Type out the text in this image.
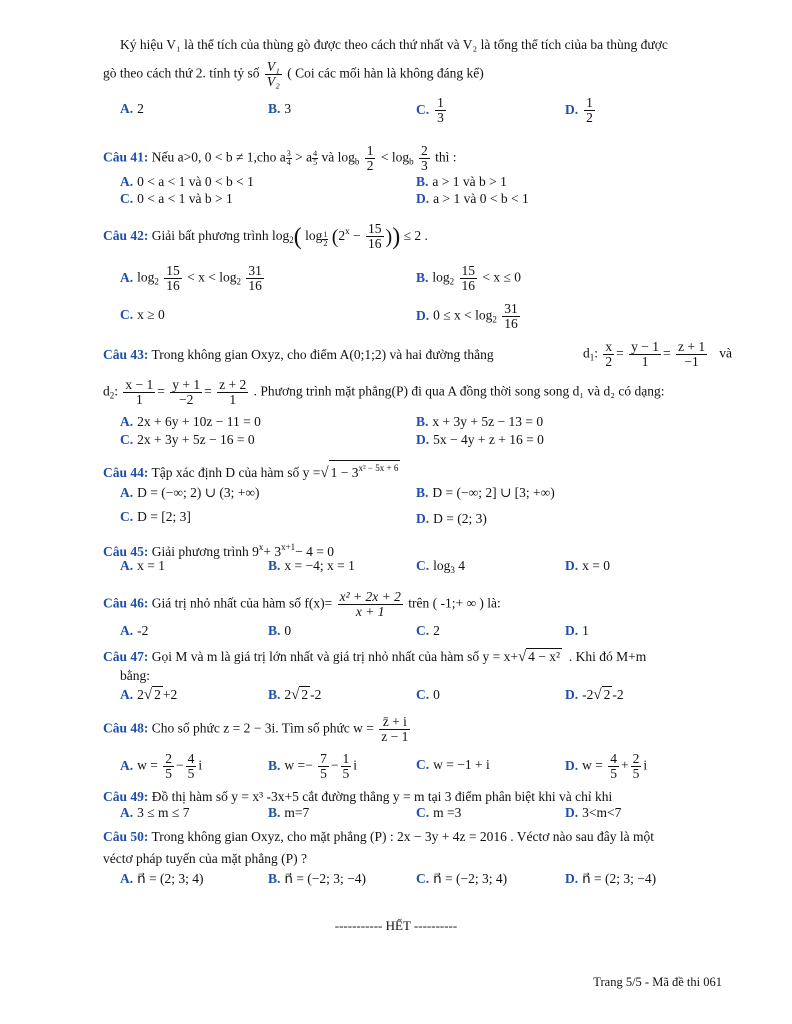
Ký hiệu V₁ là thể tích của thùng gò được theo cách thứ nhất và V₂ là tổng thể tích ciủa ba thùng được
gò theo cách thứ 2. tính tỷ số $\frac{\text{V₁}}{\text{V₂}}$ ( Coi các mối hàn là không đáng kể)
A. 2	B. 3	C. $\frac{1}{3}$	D. $\frac{1}{2}$
Câu 41: Nếu a>0, 0 < b ≠ 1,cho a $\frac{3}{4} > a \frac{4}{5}$ và $\log_b \frac{1}{2} < \log_b \frac{2}{3}$ thì :
A. 0 < a < 1 và 0 < b < 1	B. a > 1 và b > 1
C. 0 < a < 1 và b > 1	D. a > 1 và 0 < b < 1
Câu 42: Giải bất phương trình $\log_2$( log $_{\frac{1}{2}}$ ($2^x - \frac{15}{16}$ )) ≤ 2 .
A. $\log_2 \frac{15}{16} < x < \log_2 \frac{31}{16}$	B. $\log_2 \frac{15}{16} < x \le 0$
C. x ≥ 0	D. $0 \le x < \log_2 \frac{31}{16}$
Câu 43: Trong không gian Oxyz, cho điểm A(0;1;2) và hai đường thẳng	$d_1$: $\frac{x}{2} = \frac{y - 1}{1} = \frac{z + 1}{-1}$ và
$d_2$: $\frac{x - 1}{1} = \frac{y + 1}{-2} = \frac{z + 2}{1}$ . Phương trình mặt phẳng(P) đi qua A đồng thời song song d₁ và d₂ có dạng:
A. 2x + 6y + 10z − 11 = 0	B. x + 3y + 5z − 13 = 0
C. 2x + 3y + 5z − 16 = 0	D. 5x − 4y + z + 16 = 0
Câu 44: Tập xác định D của hàm số y =√ $1 - 3^{x^2 - 5x + 6}$
A. D = (−∞; 2) ∪ (3; +∞)	B. D = (−∞; 2] ∪ [3; +∞)
C. D = [2; 3]	D. D = (2; 3)
Câu 45: Giải phương trình $9^x+ 3^{x+1}- 4 = 0$
A. x = 1	B. x = −4; x = 1	C. $\log_3 4$	D. x = 0
Câu 46: Giá trị nhỏ nhất của hàm số $f(x)= \frac{\text{x² + 2x + 2}}{x + 1}$ trên ( -1;+ ∞ ) là:
A. -2	B. 0	C. 2	D. 1
Câu 47: Gọi M và m là giá trị lớn nhất và giá trị nhỏ nhất của hàm số y = x+√ 4 − x² . Khi đó M+m
bằng:
A. 2√ 2 +2	B. 2√ 2 -2	C. 0	D. -2√ 2 -2
Câu 48: Cho số phức z = 2 − 3i. Tìm số phức $w = \frac{z̄ + i}{z - 1}$
A. $w = \frac{2}{5} - \frac{4}{5}$ i	B. $w =- \frac{7}{5} - \frac{1}{5}$ i	C. w = −1 + i	D. $w = \frac{4}{5} + \frac{2}{5}$ i
Câu 49: Đồ thị hàm số y = x³ -3x+5 cắt đường thẳng y = m tại 3 điểm phân biệt khi và chỉ khi
A. 3 ≤ m ≤ 7	B. m=7	C. m =3	D. 3<m<7
Câu 50: Trong không gian Oxyz, cho mặt phẳng (P) : 2x − 3y + 4z = 2016 . Véctơ nào sau đây là một
véctơ pháp tuyến của mặt phẳng (P) ?
A. n⃗ = (2; 3; 4)	B. n⃗ = (−2; 3; −4)	C. n⃗ = (−2; 3; 4)	D. n⃗ = (2; 3; −4)
----------- HẾT ----------
Trang 5/5 - Mã đề thi 061
